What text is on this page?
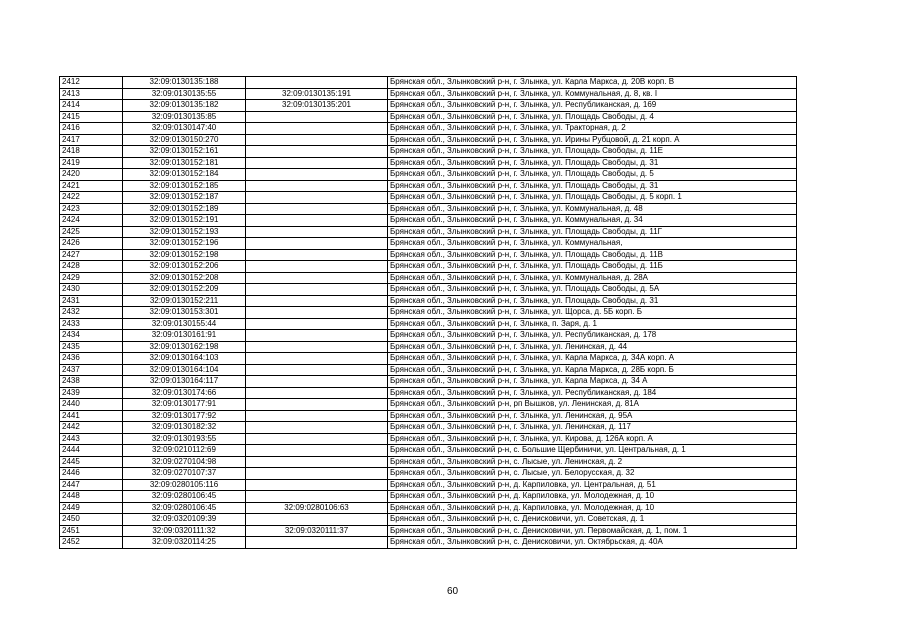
2412	32:09:0130135:188		Брянская обл., Злынковский р-н, г. Злынка, ул. Карла Маркса, д. 20В корп. В
2413	32:09:0130135:55	32:09:0130135:191	Брянская обл., Злынковский р-н, г. Злынка, ул. Коммунальная, д. 8, кв. I
2414	32:09:0130135:182	32:09:0130135:201	Брянская обл., Злынковский р-н, г. Злынка, ул. Республиканская, д. 169
2415	32:09:0130135:85		Брянская обл., Злынковский р-н, г. Злынка, ул. Площадь Свободы, д. 4
2416	32:09:0130147:40		Брянская обл., Злынковский р-н, г. Злынка, ул. Тракторная, д. 2
2417	32:09:0130150:270		Брянская обл., Злынковский р-н, г. Злынка, ул. Ирины Рубцовой, д. 21 корп. А
2418	32:09:0130152:161		Брянская обл., Злынковский р-н, г. Злынка, ул. Площадь Свободы, д. 11Е
2419	32:09:0130152:181		Брянская обл., Злынковский р-н, г. Злынка, ул. Площадь Свободы, д. 31
2420	32:09:0130152:184		Брянская обл., Злынковский р-н, г. Злынка, ул. Площадь Свободы, д. 5
2421	32:09:0130152:185		Брянская обл., Злынковский р-н, г. Злынка, ул. Площадь Свободы, д. 31
2422	32:09:0130152:187		Брянская обл., Злынковский р-н, г. Злынка, ул. Площадь Свободы, д. 5 корп. 1
2423	32:09:0130152:189		Брянская обл., Злынковский р-н, г. Злынка, ул. Коммунальная, д. 48
2424	32:09:0130152:191		Брянская обл., Злынковский р-н, г. Злынка, ул. Коммунальная, д. 34
2425	32:09:0130152:193		Брянская обл., Злынковский р-н, г. Злынка, ул. Площадь Свободы, д. 11Г
2426	32:09:0130152:196		Брянская обл., Злынковский р-н, г. Злынка, ул. Коммунальная,
2427	32:09:0130152:198		Брянская обл., Злынковский р-н, г. Злынка, ул. Площадь Свободы, д. 11В
2428	32:09:0130152:206		Брянская обл., Злынковский р-н, г. Злынка, ул. Площадь Свободы, д. 11Б
2429	32:09:0130152:208		Брянская обл., Злынковский р-н, г. Злынка, ул. Коммунальная, д. 28А
2430	32:09:0130152:209		Брянская обл., Злынковский р-н, г. Злынка, ул. Площадь Свободы, д. 5А
2431	32:09:0130152:211		Брянская обл., Злынковский р-н, г. Злынка, ул. Площадь Свободы, д. 31
2432	32:09:0130153:301		Брянская обл., Злынковский р-н, г. Злынка, ул. Щорса, д. 5Б корп. Б
2433	32:09:0130155:44		Брянская обл., Злынковский р-н, г. Злынка, п. Заря, д. 1
2434	32:09:0130161:91		Брянская обл., Злынковский р-н, г. Злынка, ул. Республиканская, д. 178
2435	32:09:0130162:198		Брянская обл., Злынковский р-н, г. Злынка, ул. Ленинская, д. 44
2436	32:09:0130164:103		Брянская обл., Злынковский р-н, г. Злынка, ул. Карла Маркса, д. 34А корп. А
2437	32:09:0130164:104		Брянская обл., Злынковский р-н, г. Злынка, ул. Карла Маркса, д. 28Б корп. Б
2438	32:09:0130164:117		Брянская обл., Злынковский р-н, г. Злынка, ул. Карла Маркса, д. 34 А
2439	32:09:0130174:66		Брянская обл., Злынковский р-н, г. Злынка, ул. Республиканская, д. 184
2440	32:09:0130177:91		Брянская обл., Злынковский р-н, рп Вышков, ул. Ленинская, д. 81А
2441	32:09:0130177:92		Брянская обл., Злынковский р-н, г. Злынка, ул. Ленинская, д. 95А
2442	32:09:0130182:32		Брянская обл., Злынковский р-н, г. Злынка, ул. Ленинская, д. 117
2443	32:09:0130193:55		Брянская обл., Злынковский р-н, г. Злынка, ул. Кирова, д. 126А корп. А
2444	32:09:0210112:69		Брянская обл., Злынковский р-н, с. Большие Щербиничи, ул. Центральная, д. 1
2445	32:09:0270104:98		Брянская обл., Злынковский р-н, с. Лысые, ул. Ленинская, д. 2
2446	32:09:0270107:37		Брянская обл., Злынковский р-н, с. Лысые, ул. Белорусская, д. 32
2447	32:09:0280105:116		Брянская обл., Злынковский р-н, д. Карпиловка, ул. Центральная, д. 51
2448	32:09:0280106:45		Брянская обл., Злынковский р-н, д. Карпиловка, ул. Молодежная, д. 10
2449	32:09:0280106:45	32:09:0280106:63	Брянская обл., Злынковский р-н, д. Карпиловка, ул. Молодежная, д. 10
2450	32:09:0320109:39		Брянская обл., Злынковский р-н, с. Денисковичи, ул. Советская, д. 1
2451	32:09:0320111:32	32:09:0320111:37	Брянская обл., Злынковский р-н, с. Денисковичи, ул. Первомайская, д. 1, пом. 1
2452	32:09:0320114:25		Брянская обл., Злынковский р-н, с. Денисковичи, ул. Октябрьская, д. 40А
60
